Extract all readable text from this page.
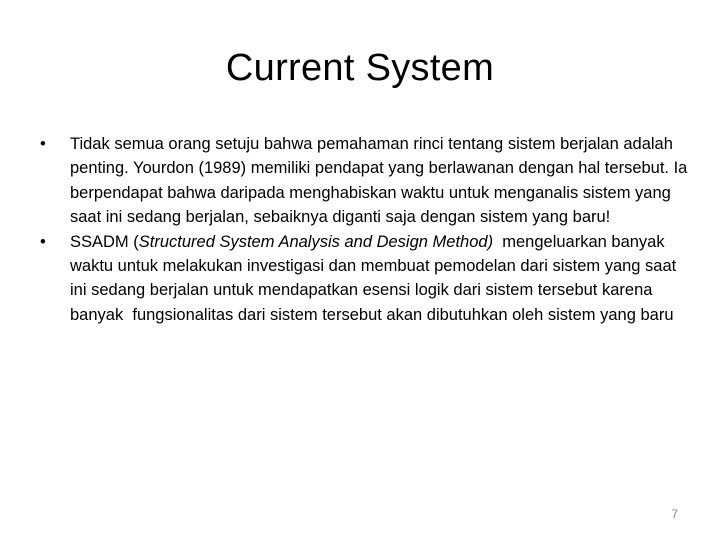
Current System
•	Tidak semua orang setuju bahwa pemahaman rinci tentang sistem berjalan adalah penting. Yourdon (1989) memiliki pendapat yang berlawanan dengan hal tersebut. Ia berpendapat bahwa daripada menghabiskan waktu untuk menganalis sistem yang saat ini sedang berjalan, sebaiknya diganti saja dengan sistem yang baru!
•	SSADM (Structured System Analysis and Design Method)  mengeluarkan banyak waktu untuk melakukan investigasi dan membuat pemodelan dari sistem yang saat ini sedang berjalan untuk mendapatkan esensi logik dari sistem tersebut karena banyak  fungsionalitas dari sistem tersebut akan dibutuhkan oleh sistem yang baru
7
